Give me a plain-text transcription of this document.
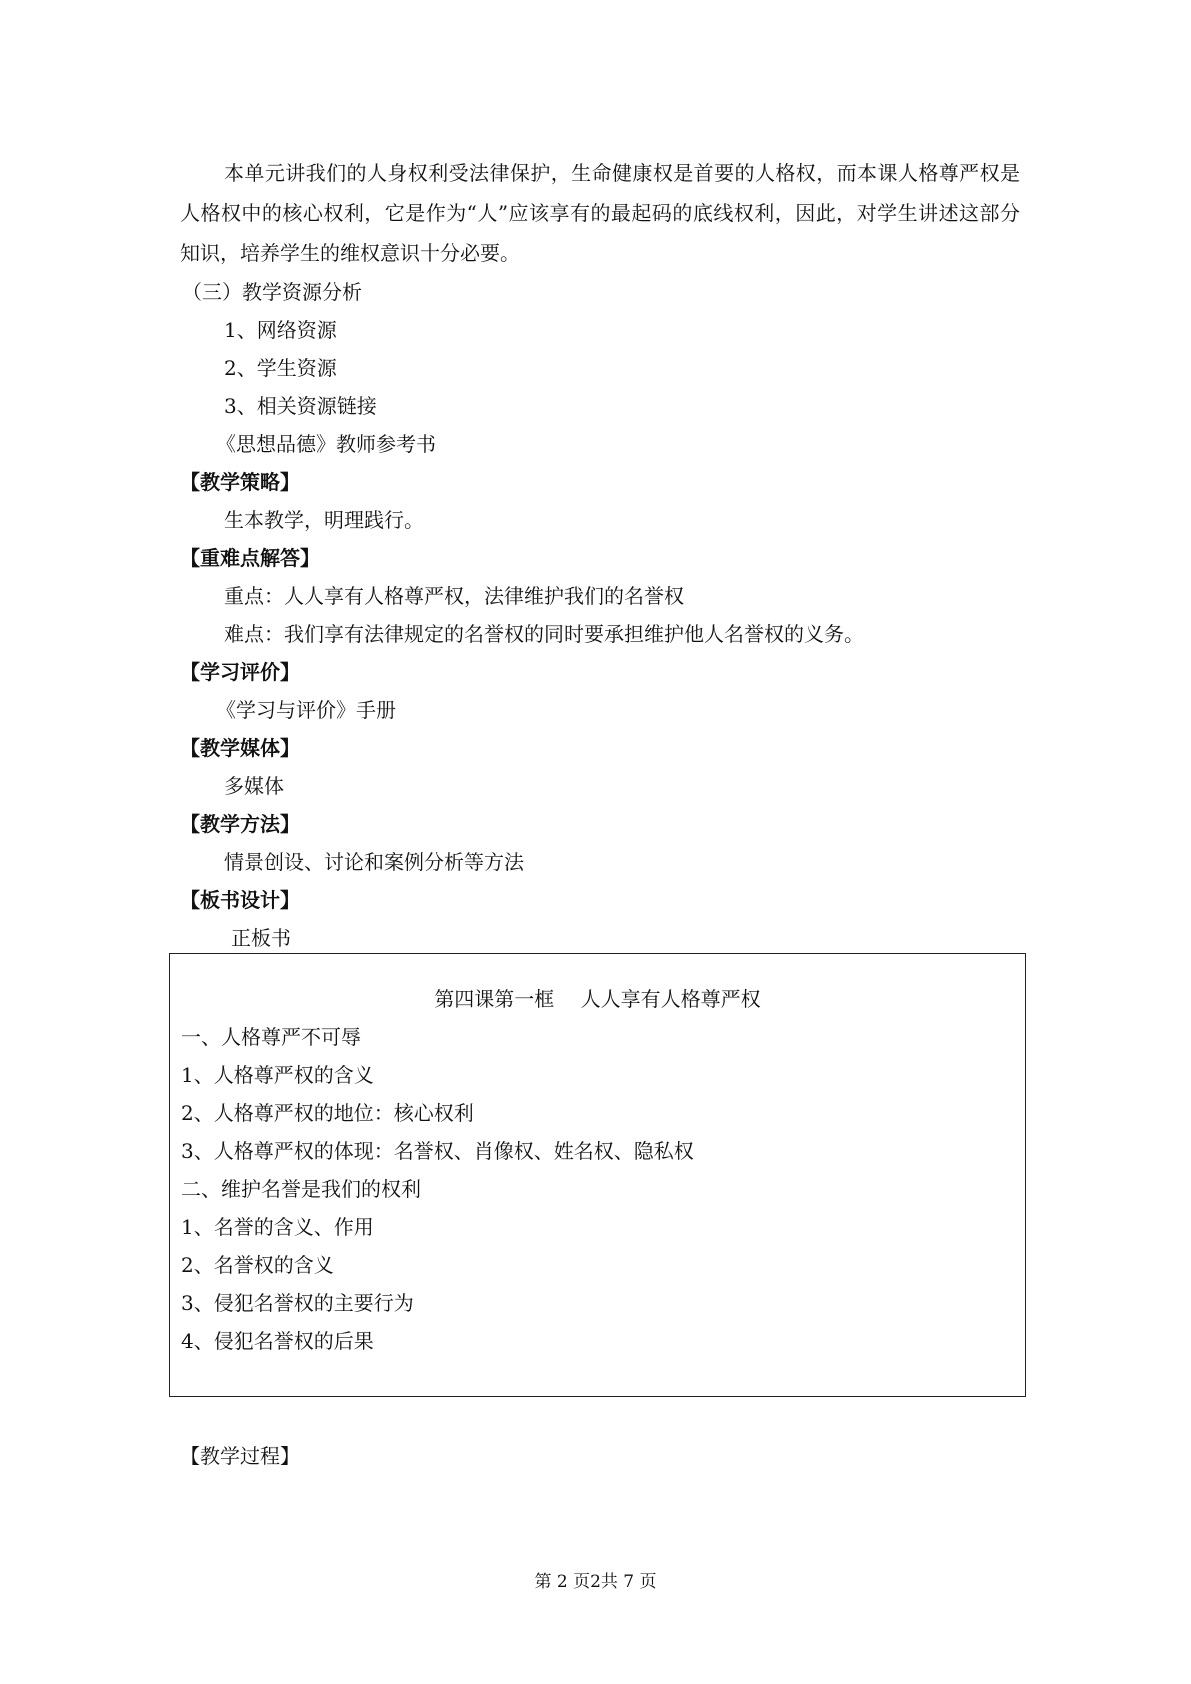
本单元讲我们的人身权利受法律保护，生命健康权是首要的人格权，而本课人格尊严权是人格权中的核心权利，它是作为“人”应该享有的最起码的底线权利，因此，对学生讲述这部分知识，培养学生的维权意识十分必要。
（三）教学资源分析
1、网络资源
2、学生资源
3、相关资源链接
《思想品德》教师参考书
【教学策略】
生本教学，明理践行。
【重难点解答】
重点：人人享有人格尊严权，法律维护我们的名誉权
难点：我们享有法律规定的名誉权的同时要承担维护他人名誉权的义务。
【学习评价】
《学习与评价》手册
【教学媒体】
多媒体
【教学方法】
情景创设、讨论和案例分析等方法
【板书设计】
正板书
第四课第一框　 人人享有人格尊严权
一、人格尊严不可辱
1、人格尊严权的含义
2、人格尊严权的地位：核心权利
3、人格尊严权的体现：名誉权、肖像权、姓名权、隐私权
二、维护名誉是我们的权利
1、名誉的含义、作用
2、名誉权的含义
3、侵犯名誉权的主要行为
4、侵犯名誉权的后果
【教学过程】
第 2 页2共 7 页
